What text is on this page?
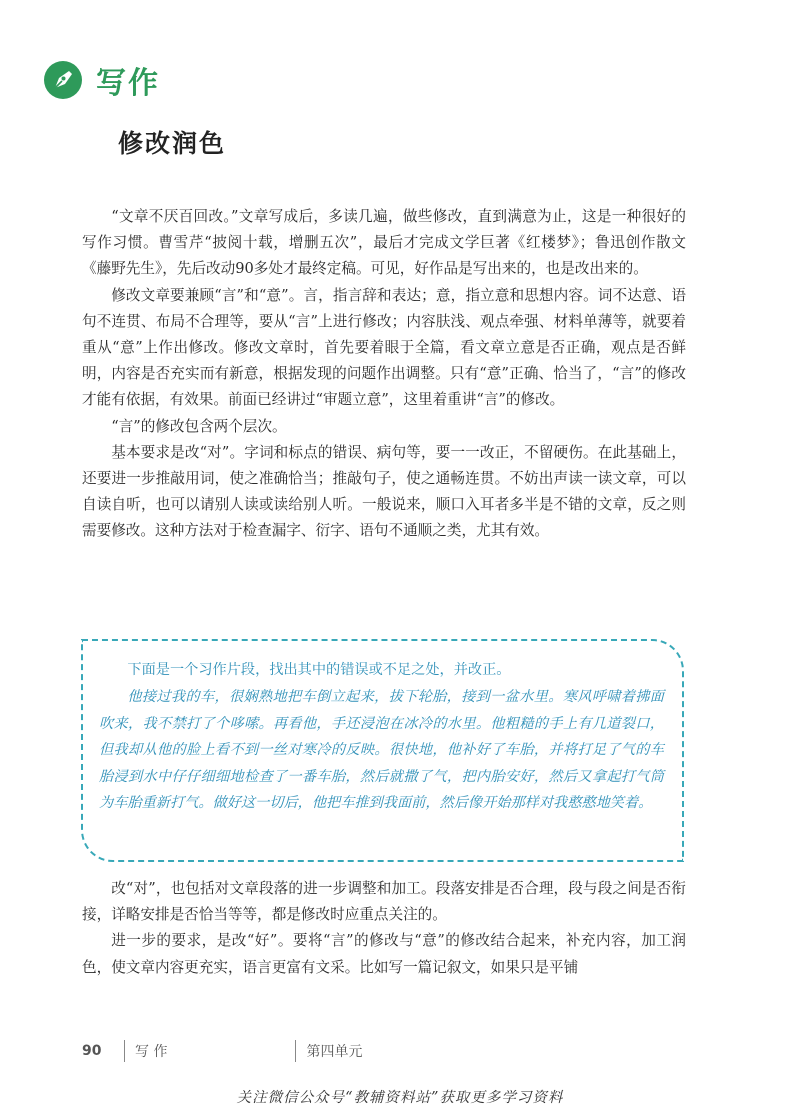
写作
修改润色

“文章不厌百回改。”文章写成后，多读几遍，做些修改，直到满意为止，这是一种很好的写作习惯。曹雪芹“披阅十载，增删五次”，最后才完成文学巨著《红楼梦》；鲁迅创作散文《藤野先生》，先后改动90多处才最终定稿。可见，好作品是写出来的，也是改出来的。

修改文章要兼顾“言”和“意”。言，指言辞和表达；意，指立意和思想内容。词不达意、语句不连贯、布局不合理等，要从“言”上进行修改；内容肤浅、观点牵强、材料单薄等，就要着重从“意”上作出修改。修改文章时，首先要着眼于全篇，看文章立意是否正确，观点是否鲜明，内容是否充实而有新意，根据发现的问题作出调整。只有“意”正确、恰当了，“言”的修改才能有依据，有效果。前面已经讲过“审题立意”，这里着重讲“言”的修改。

“言”的修改包含两个层次。

基本要求是改“对”。字词和标点的错误、病句等，要一一改正，不留硬伤。在此基础上，还要进一步推敲用词，使之准确恰当；推敲句子，使之通畅连贯。不妨出声读一读文章，可以自读自听，也可以请别人读或读给别人听。一般说来，顺口入耳者多半是不错的文章，反之则需要修改。这种方法对于检查漏字、衍字、语句不通顺之类，尤其有效。

下面是一个习作片段，找出其中的错误或不足之处，并改正。

他接过我的车，很娴熟地把车倒立起来，拔下轮胎，接到一盆水里。寒风呼啸着拂面吹来，我不禁打了个哆嗦。再看他，手还浸泡在冰冷的水里。他粗糙的手上有几道裂口，但我却从他的脸上看不到一丝对寒冷的反映。很快地，他补好了车胎，并将打足了气的车胎浸到水中仔仔细细地检查了一番车胎，然后就撒了气，把内胎安好，然后又拿起打气筒为车胎重新打气。做好这一切后，他把车推到我面前，然后像开始那样对我憨憨地笑着。

改“对”，也包括对文章段落的进一步调整和加工。段落安排是否合理，段与段之间是否衔接，详略安排是否恰当等等，都是修改时应重点关注的。

进一步的要求，是改“好”。要将“言”的修改与“意”的修改结合起来，补充内容，加工润色，使文章内容更充实，语言更富有文采。比如写一篇记叙文，如果只是平铺

90	写 作	第四单元
关注微信公众号“教辅资料站”获取更多学习资料
